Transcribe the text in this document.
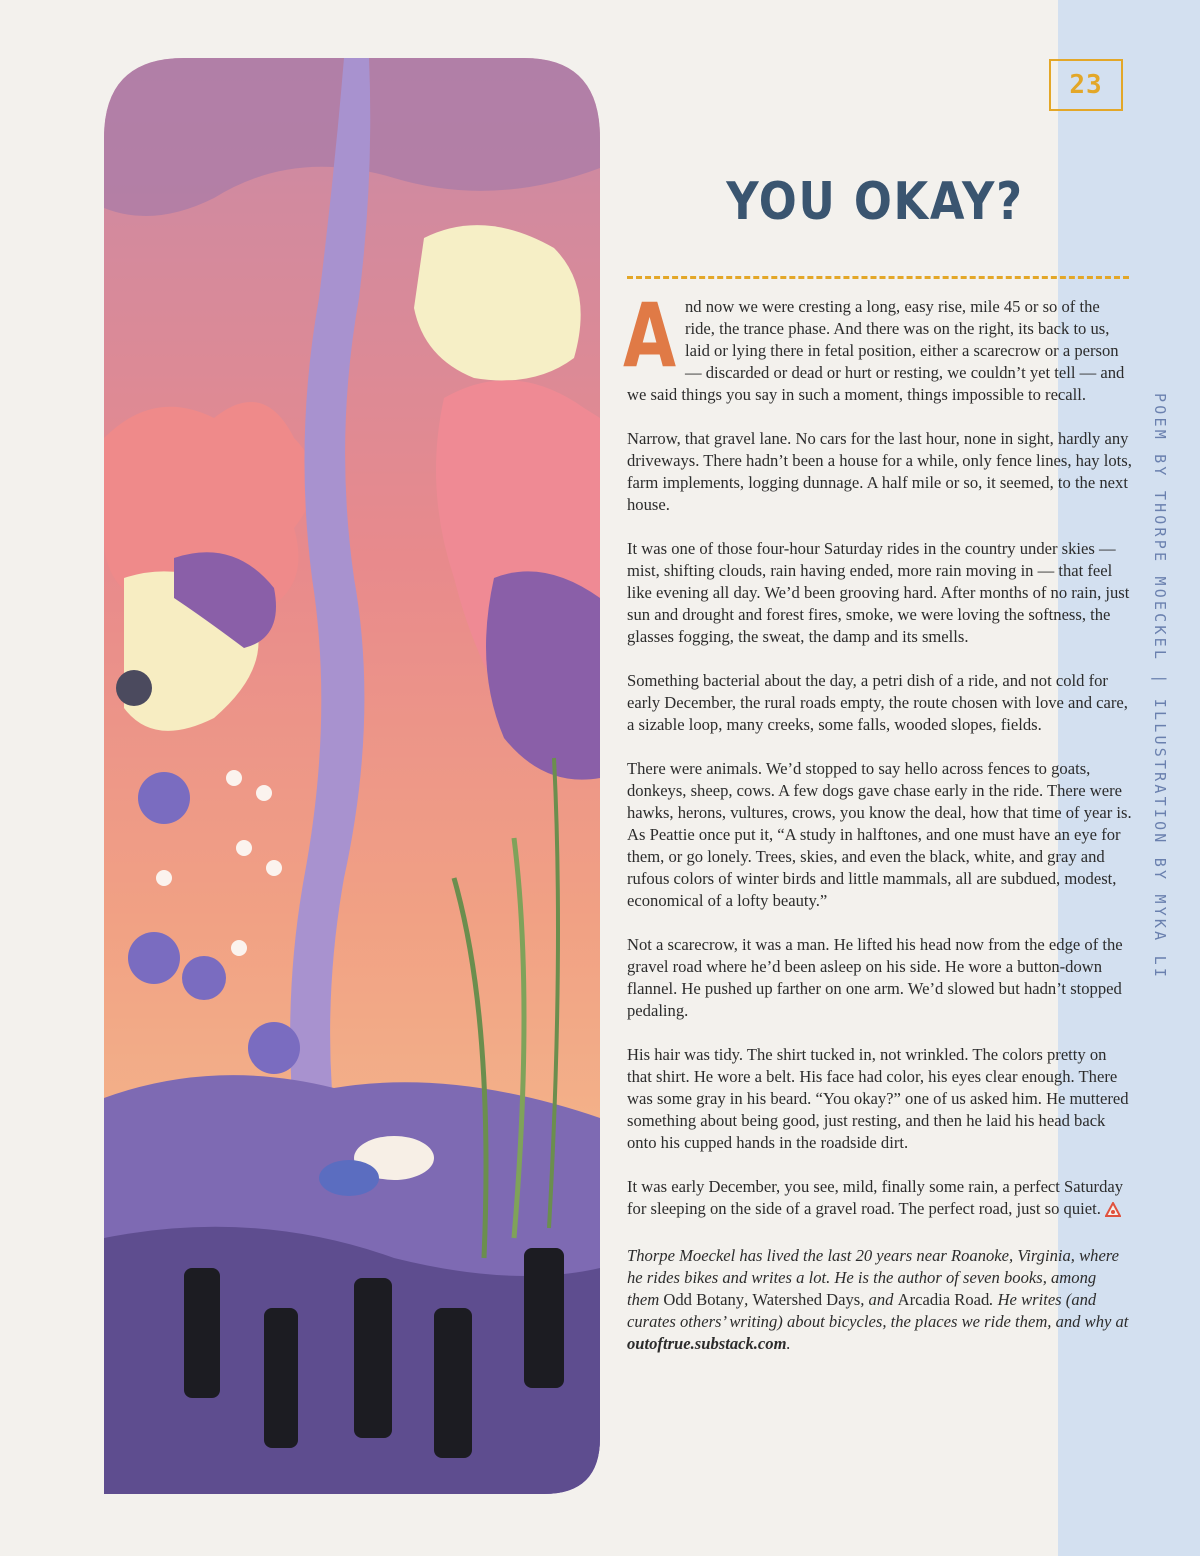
23
POEM BY THORPE MOECKEL | ILLUSTRATION BY MYKA LI
YOU OKAY?

And now we were cresting a long, easy rise, mile 45 or so of the ride, the trance phase. And there was on the right, its back to us, laid or lying there in fetal position, either a scarecrow or a person — discarded or dead or hurt or resting, we couldn’t yet tell — and we said things you say in such a moment, things impossible to recall.

Narrow, that gravel lane. No cars for the last hour, none in sight, hardly any driveways. There hadn’t been a house for a while, only fence lines, hay lots, farm implements, logging dunnage. A half mile or so, it seemed, to the next house.

It was one of those four-hour Saturday rides in the country under skies — mist, shifting clouds, rain having ended, more rain moving in — that feel like evening all day. We’d been grooving hard. After months of no rain, just sun and drought and forest fires, smoke, we were loving the softness, the glasses fogging, the sweat, the damp and its smells.

Something bacterial about the day, a petri dish of a ride, and not cold for early December, the rural roads empty, the route chosen with love and care, a sizable loop, many creeks, some falls, wooded slopes, fields.

There were animals. We’d stopped to say hello across fences to goats, donkeys, sheep, cows. A few dogs gave chase early in the ride. There were hawks, herons, vultures, crows, you know the deal, how that time of year is. As Peattie once put it, “A study in halftones, and one must have an eye for them, or go lonely. Trees, skies, and even the black, white, and gray and rufous colors of winter birds and little mammals, all are subdued, modest, economical of a lofty beauty.”

Not a scarecrow, it was a man. He lifted his head now from the edge of the gravel road where he’d been asleep on his side. He wore a button-down flannel. He pushed up farther on one arm. We’d slowed but hadn’t stopped pedaling.

His hair was tidy. The shirt tucked in, not wrinkled. The colors pretty on that shirt. He wore a belt. His face had color, his eyes clear enough. There was some gray in his beard. “You okay?” one of us asked him. He muttered something about being good, just resting, and then he laid his head back onto his cupped hands in the roadside dirt.

It was early December, you see, mild, finally some rain, a perfect Saturday for sleeping on the side of a gravel road. The perfect road, just so quiet.

Thorpe Moeckel has lived the last 20 years near Roanoke, Virginia, where he rides bikes and writes a lot. He is the author of seven books, among them Odd Botany, Watershed Days, and Arcadia Road. He writes (and curates others’ writing) about bicycles, the places we ride them, and why at outoftrue.substack.com.
